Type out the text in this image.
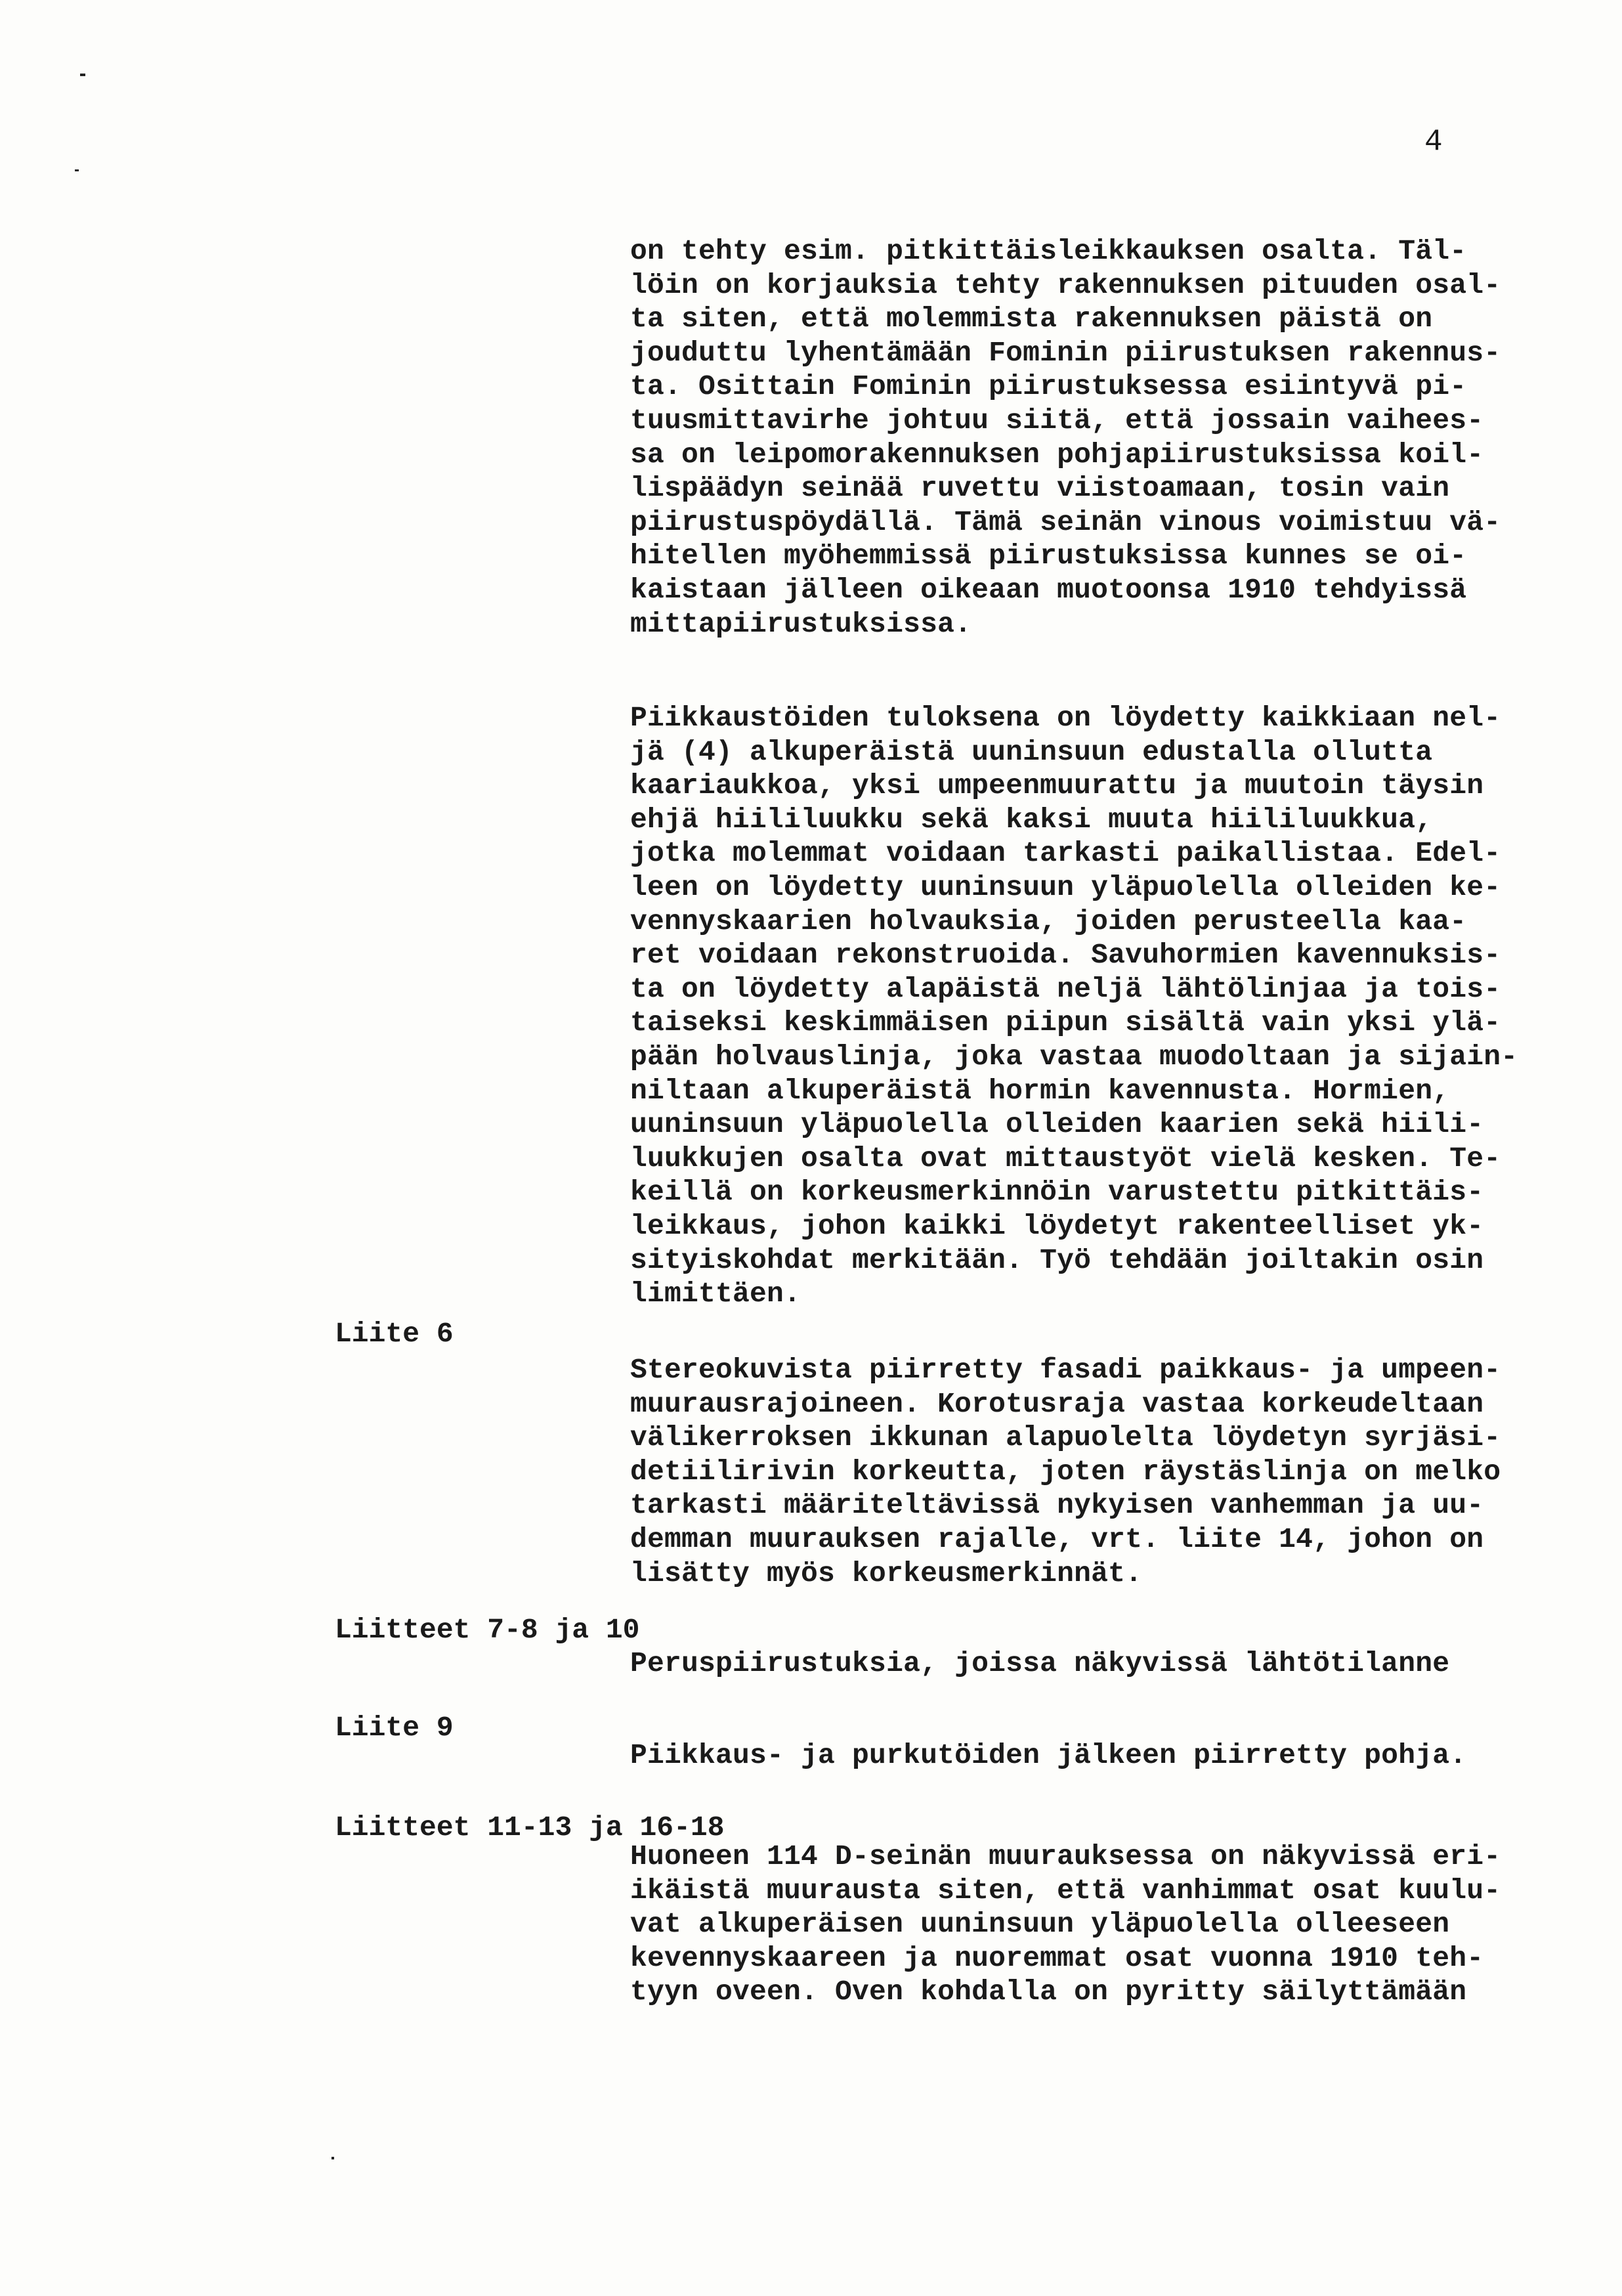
4
on tehty esim. pitkittäisleikkauksen osalta. Täl-
löin on korjauksia tehty rakennuksen pituuden osal-
ta siten, että molemmista rakennuksen päistä on
jouduttu lyhentämään Fominin piirustuksen rakennus-
ta. Osittain Fominin piirustuksessa esiintyvä pi-
tuusmittavirhe johtuu siitä, että jossain vaihees-
sa on leipomorakennuksen pohjapiirustuksissa koil-
lispäädyn seinää ruvettu viistoamaan, tosin vain
piirustuspöydällä. Tämä seinän vinous voimistuu vä-
hitellen myöhemmissä piirustuksissa kunnes se oi-
kaistaan jälleen oikeaan muotoonsa 1910 tehdyissä
mittapiirustuksissa.
Piikkaustöiden tuloksena on löydetty kaikkiaan nel-
jä (4) alkuperäistä uuninsuun edustalla ollutta
kaariaukkoa, yksi umpeenmuurattu ja muutoin täysin
ehjä hiililuukku sekä kaksi muuta hiililuukkua,
jotka molemmat voidaan tarkasti paikallistaa. Edel-
leen on löydetty uuninsuun yläpuolella olleiden ke-
vennyskaarien holvauksia, joiden perusteella kaa-
ret voidaan rekonstruoida. Savuhormien kavennuksis-
ta on löydetty alapäistä neljä lähtölinjaa ja tois-
taiseksi keskimmäisen piipun sisältä vain yksi ylä-
pään holvauslinja, joka vastaa muodoltaan ja sijain-
niltaan alkuperäistä hormin kavennusta. Hormien,
uuninsuun yläpuolella olleiden kaarien sekä hiili-
luukkujen osalta ovat mittaustyöt vielä kesken. Te-
keillä on korkeusmerkinnöin varustettu pitkittäis-
leikkaus, johon kaikki löydetyt rakenteelliset yk-
sityiskohdat merkitään. Työ tehdään joiltakin osin
limittäen.
Liite 6
Stereokuvista piirretty fasadi paikkaus- ja umpeen-
muurausrajoineen. Korotusraja vastaa korkeudeltaan
välikerroksen ikkunan alapuolelta löydetyn syrjäsi-
detiilirivin korkeutta, joten räystäslinja on melko
tarkasti määriteltävissä nykyisen vanhemman ja uu-
demman muurauksen rajalle, vrt. liite 14, johon on
lisätty myös korkeusmerkinnät.
Liitteet 7-8 ja 10
Peruspiirustuksia, joissa näkyvissä lähtötilanne
Liite 9
Piikkaus- ja purkutöiden jälkeen piirretty pohja.
Liitteet 11-13 ja 16-18
Huoneen 114 D-seinän muurauksessa on näkyvissä eri-
ikäistä muurausta siten, että vanhimmat osat kuulu-
vat alkuperäisen uuninsuun yläpuolella olleeseen
kevennyskaareen ja nuoremmat osat vuonna 1910 teh-
tyyn oveen. Oven kohdalla on pyritty säilyttämään
